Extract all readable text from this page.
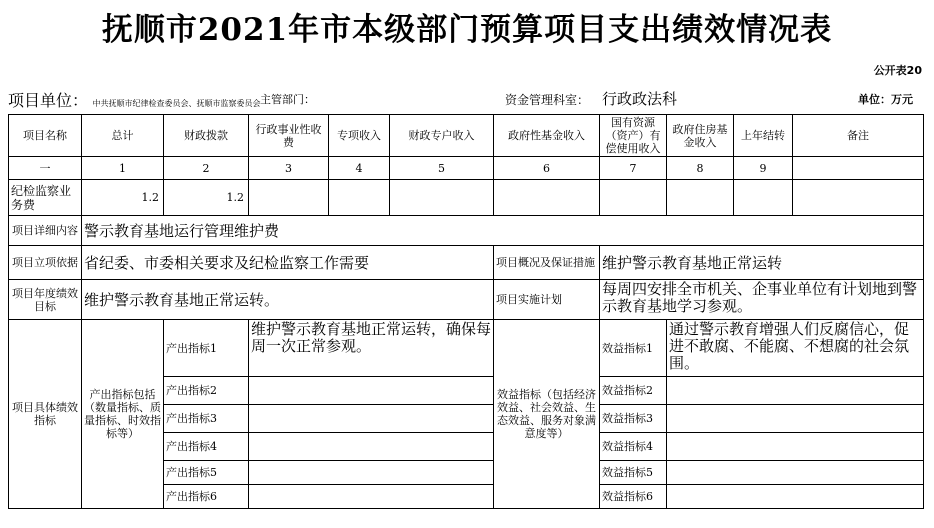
抚顺市2021年市本级部门预算项目支出绩效情况表
公开表20
项目单位： 中共抚顺市纪律检查委员会、抚顺市监察委员会 主管部门：	资金管理科室： 行政政法科	单位：万元
项目名称	总计	财政拨款	行政事业性收费	专项收入	财政专户收入	政府性基金收入	国有资源（资产）有偿使用收入	政府住房基金收入	上年结转	备注
一	1	2	3	4	5	6	7	8	9	
纪检监察业务费	1.2	1.2								
项目详细内容	警示教育基地运行管理维护费									
项目立项依据	省纪委、市委相关要求及纪检监察工作需要					项目概况及保证措施	维护警示教育基地正常运转			
项目年度绩效目标	维护警示教育基地正常运转。					项目实施计划	每周四安排全市机关、企事业单位有计划地到警示教育基地学习参观。			
项目具体绩效指标	产出指标包括（数量指标、质量指标、时效指标等）	产出指标1	维护警示教育基地正常运转，确保每周一次正常参观。			效益指标（包括经济效益、社会效益、生态效益、服务对象满意度等）	效益指标1	通过警示教育增强人们反腐信心，促进不敢腐、不能腐、不想腐的社会氛围。		
		产出指标2					效益指标2			
		产出指标3					效益指标3			
		产出指标4					效益指标4			
		产出指标5					效益指标5			
		产出指标6					效益指标6			
